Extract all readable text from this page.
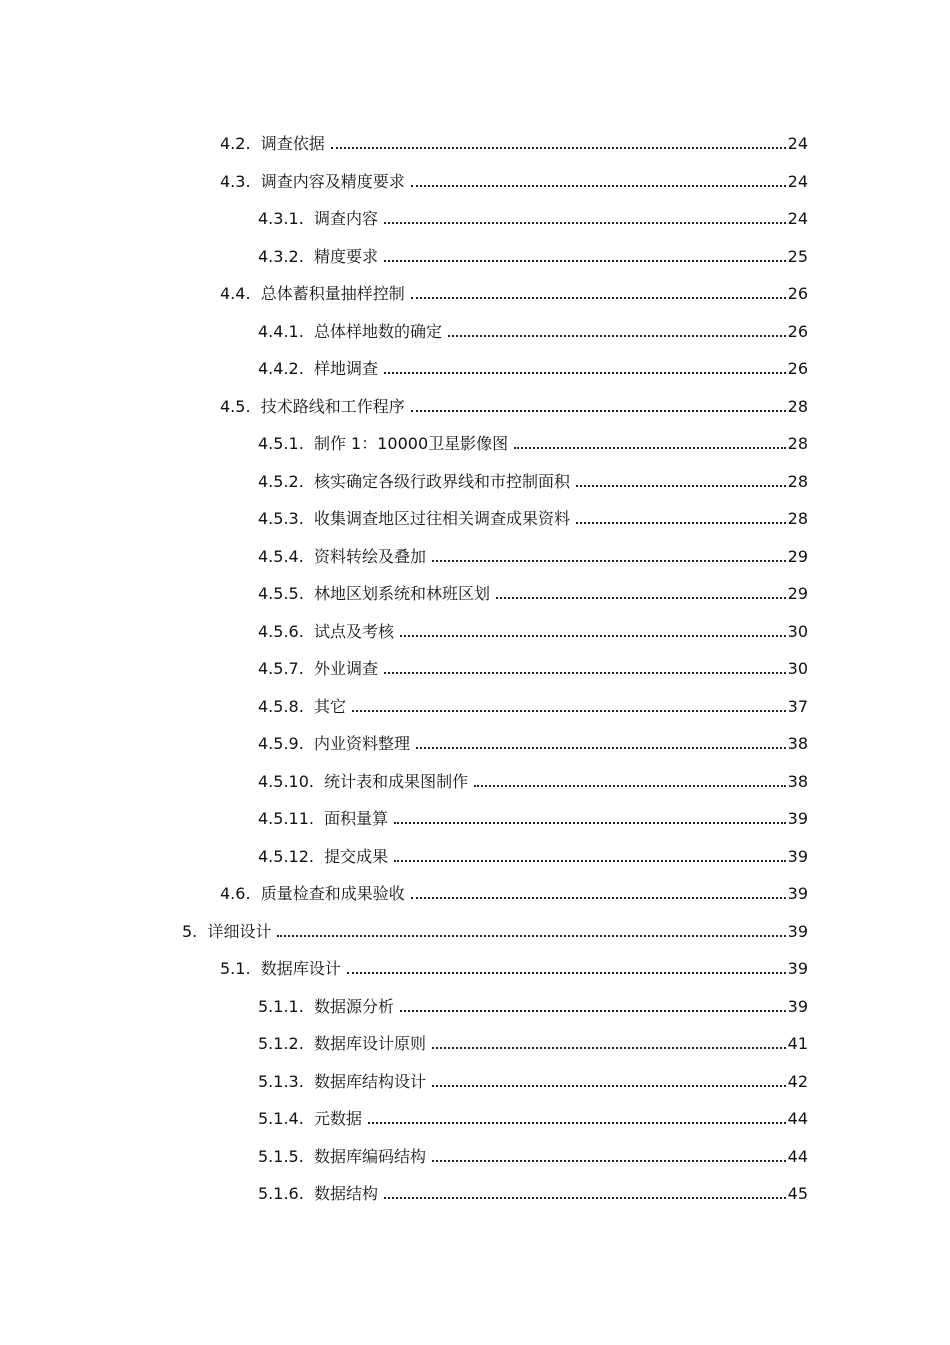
4.2. 调查依据	24
4.3. 调查内容及精度要求	24
4.3.1. 调查内容	24
4.3.2. 精度要求	25
4.4. 总体蓄积量抽样控制	26
4.4.1. 总体样地数的确定	26
4.4.2. 样地调查	26
4.5. 技术路线和工作程序	28
4.5.1. 制作 1：10000卫星影像图	28
4.5.2. 核实确定各级行政界线和市控制面积	28
4.5.3. 收集调查地区过往相关调查成果资料	28
4.5.4. 资料转绘及叠加	29
4.5.5. 林地区划系统和林班区划	29
4.5.6. 试点及考核	30
4.5.7. 外业调查	30
4.5.8. 其它	37
4.5.9. 内业资料整理	38
4.5.10. 统计表和成果图制作	38
4.5.11. 面积量算	39
4.5.12. 提交成果	39
4.6. 质量检查和成果验收	39
5. 详细设计	39
5.1. 数据库设计	39
5.1.1. 数据源分析	39
5.1.2. 数据库设计原则	41
5.1.3. 数据库结构设计	42
5.1.4. 元数据	44
5.1.5. 数据库编码结构	44
5.1.6. 数据结构	45
